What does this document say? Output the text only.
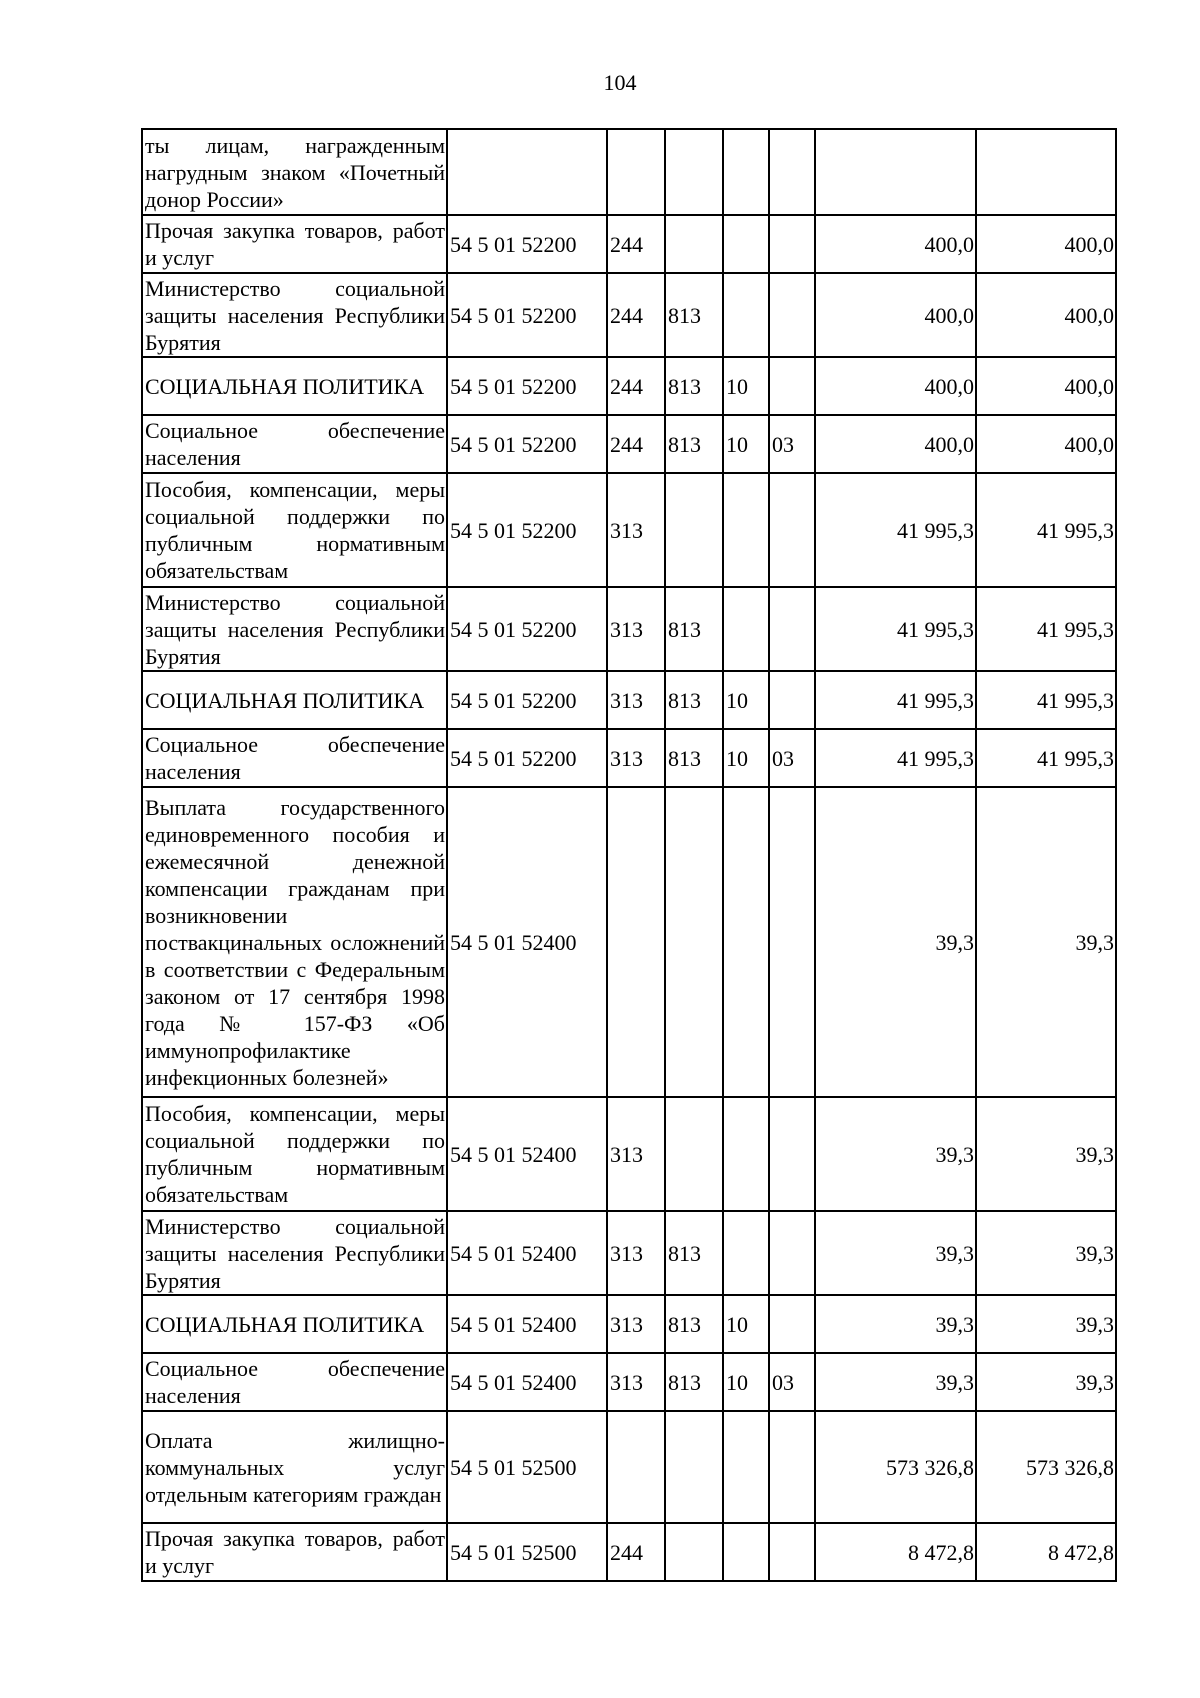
104
ты лицам, награжденным нагрудным знаком «Почетный донор России»							
Прочая закупка товаров, работ и услуг	54 5 01 52200	244				400,0	400,0
Министерство социальной защиты населения Республики Бурятия	54 5 01 52200	244	813			400,0	400,0
СОЦИАЛЬНАЯ ПОЛИТИКА	54 5 01 52200	244	813	10		400,0	400,0
Социальное обеспечение населения	54 5 01 52200	244	813	10	03	400,0	400,0
Пособия, компенсации, меры социальной поддержки по публичным нормативным обязательствам	54 5 01 52200	313				41 995,3	41 995,3
Министерство социальной защиты населения Республики Бурятия	54 5 01 52200	313	813			41 995,3	41 995,3
СОЦИАЛЬНАЯ ПОЛИТИКА	54 5 01 52200	313	813	10		41 995,3	41 995,3
Социальное обеспечение населения	54 5 01 52200	313	813	10	03	41 995,3	41 995,3
Выплата государственного единовременного пособия и ежемесячной денежной компенсации гражданам при возникновении поствакцинальных осложнений в соответствии с Федеральным законом от 17 сентября 1998 года № 157-ФЗ «Об иммунопрофилактике инфекционных болезней»	54 5 01 52400					39,3	39,3
Пособия, компенсации, меры социальной поддержки по публичным нормативным обязательствам	54 5 01 52400	313				39,3	39,3
Министерство социальной защиты населения Республики Бурятия	54 5 01 52400	313	813			39,3	39,3
СОЦИАЛЬНАЯ ПОЛИТИКА	54 5 01 52400	313	813	10		39,3	39,3
Социальное обеспечение населения	54 5 01 52400	313	813	10	03	39,3	39,3
Оплата жилищно-коммунальных услуг отдельным категориям граждан	54 5 01 52500					573 326,8	573 326,8
Прочая закупка товаров, работ и услуг	54 5 01 52500	244				8 472,8	8 472,8
